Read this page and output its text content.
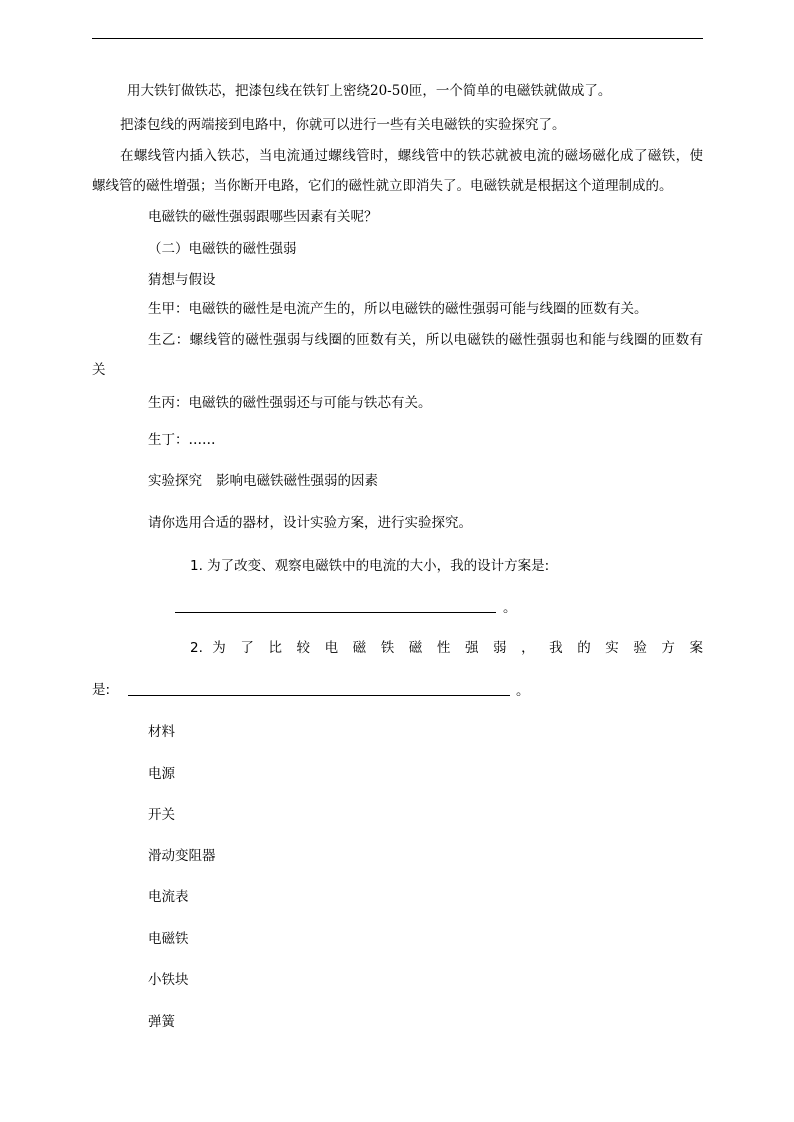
用大铁钉做铁芯，把漆包线在铁钉上密绕20-50匝，一个简单的电磁铁就做成了。
把漆包线的两端接到电路中，你就可以进行一些有关电磁铁的实验探究了。
在螺线管内插入铁芯，当电流通过螺线管时，螺线管中的铁芯就被电流的磁场磁化成了磁铁，使
螺线管的磁性增强；当你断开电路，它们的磁性就立即消失了。电磁铁就是根据这个道理制成的。
电磁铁的磁性强弱跟哪些因素有关呢？
（二）电磁铁的磁性强弱
猜想与假设
生甲：电磁铁的磁性是电流产生的，所以电磁铁的磁性强弱可能与线圈的匝数有关。
生乙：螺线管的磁性强弱与线圈的匝数有关，所以电磁铁的磁性强弱也和能与线圈的匝数有
关
生丙：电磁铁的磁性强弱还与可能与铁芯有关。
生丁：……
实验探究 影响电磁铁磁性强弱的因素
请你选用合适的器材，设计实验方案，进行实验探究。
1. 为了改变、观察电磁铁中的电流的大小，我的设计方案是:
。
2. 为 了 比 较 电 磁 铁 磁 性 强 弱 ， 我 的 实 验 方 案
是:	。
材料
电源
开关
滑动变阻器
电流表
电磁铁
小铁块
弹簧
